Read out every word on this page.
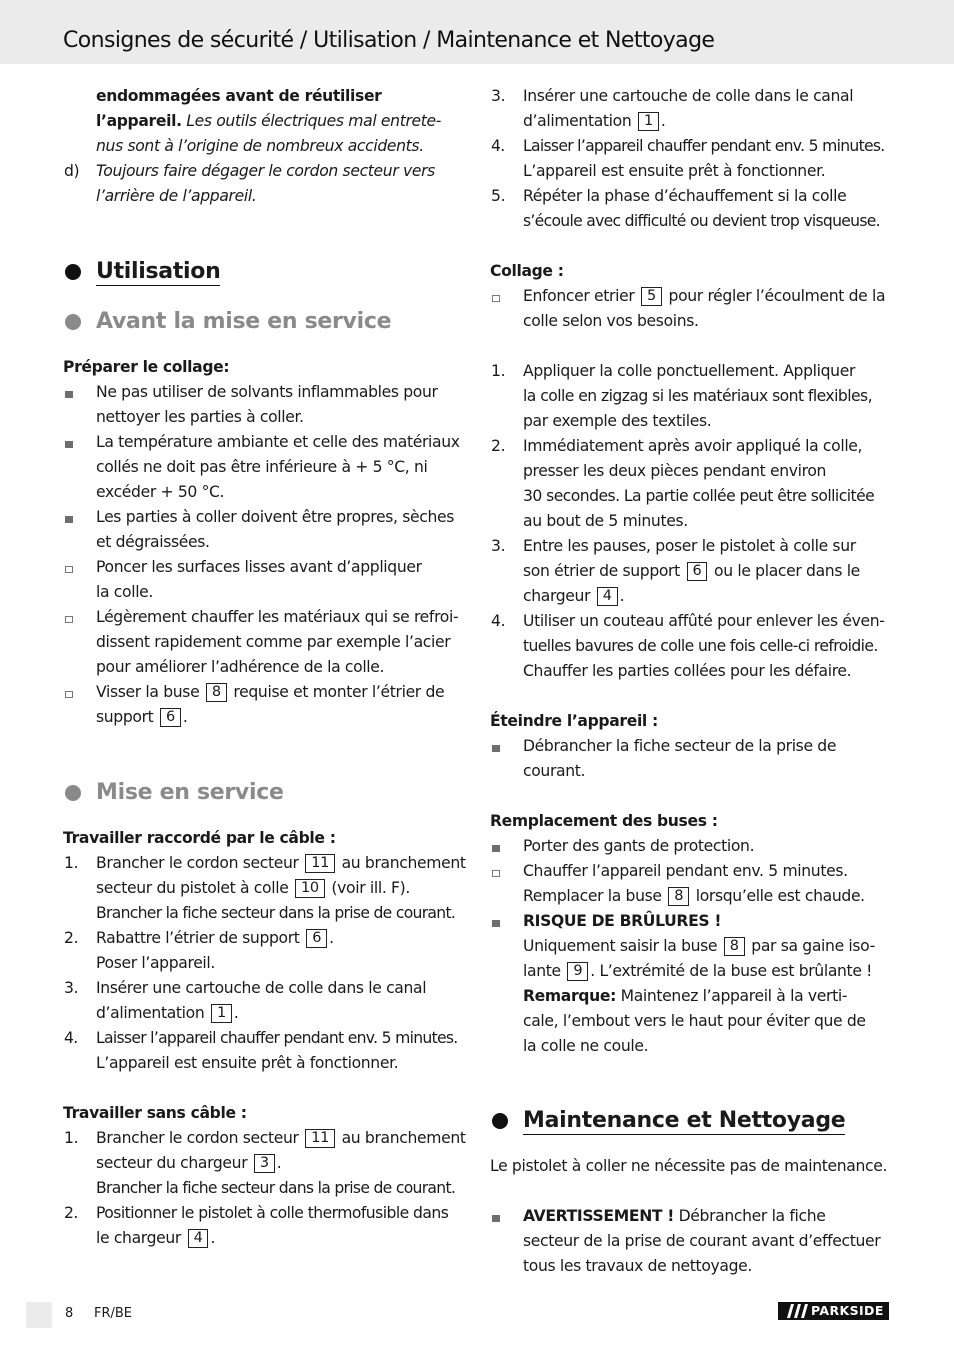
Consignes de sécurité / Utilisation / Maintenance et Nettoyage
endommagées avant de réutiliser
l’appareil. Les outils électriques mal entrete-
nus sont à l’origine de nombreux accidents.
d) Toujours faire dégager le cordon secteur vers
l’arrière de l’appareil.
Utilisation
Avant la mise en service
Préparer le collage:
Ne pas utiliser de solvants inflammables pour
nettoyer les parties à coller.
La température ambiante et celle des matériaux
collés ne doit pas être inférieure à + 5 °C, ni
excéder + 50 °C.
Les parties à coller doivent être propres, sèches
et dégraissées.
Poncer les surfaces lisses avant d’appliquer
la colle.
Légèrement chauffer les matériaux qui se refroi-
dissent rapidement comme par exemple l’acier
pour améliorer l’adhérence de la colle.
Visser la buse 8 requise et monter l’étrier de
support 6 .
Mise en service
Travailler raccordé par le câble :
1. Brancher le cordon secteur 11 au branchement
secteur du pistolet à colle 10 (voir ill. F).
Brancher la fiche secteur dans la prise de courant.
2. Rabattre l’étrier de support 6 .
Poser l’appareil.
3. Insérer une cartouche de colle dans le canal
d’alimentation 1 .
4. Laisser l’appareil chauffer pendant env. 5 minutes.
L’appareil est ensuite prêt à fonctionner.
Travailler sans câble :
1. Brancher le cordon secteur 11 au branchement
secteur du chargeur 3 .
Brancher la fiche secteur dans la prise de courant.
2. Positionner le pistolet à colle thermofusible dans
le chargeur 4 .
3. Insérer une cartouche de colle dans le canal
d’alimentation 1 .
4. Laisser l’appareil chauffer pendant env. 5 minutes.
L’appareil est ensuite prêt à fonctionner.
5. Répéter la phase d’échauffement si la colle
s’écoule avec difficulté ou devient trop visqueuse.
Collage :
Enfoncer etrier 5 pour régler l’écoulment de la
colle selon vos besoins.
1. Appliquer la colle ponctuellement. Appliquer
la colle en zigzag si les matériaux sont flexibles,
par exemple des textiles.
2. Immédiatement après avoir appliqué la colle,
presser les deux pièces pendant environ
30 secondes. La partie collée peut être sollicitée
au bout de 5 minutes.
3. Entre les pauses, poser le pistolet à colle sur
son étrier de support 6 ou le placer dans le
chargeur 4 .
4. Utiliser un couteau affûté pour enlever les éven-
tuelles bavures de colle une fois celle-ci refroidie.
Chauffer les parties collées pour les défaire.
Éteindre l’appareil :
Débrancher la fiche secteur de la prise de
courant.
Remplacement des buses :
Porter des gants de protection.
Chauffer l’appareil pendant env. 5 minutes.
Remplacer la buse 8 lorsqu’elle est chaude.
RISQUE DE BRÛLURES !
Uniquement saisir la buse 8 par sa gaine iso-
lante 9 . L’extrémité de la buse est brûlante !
Remarque: Maintenez l’appareil à la verti-
cale, l’embout vers le haut pour éviter que de
la colle ne coule.
Maintenance et Nettoyage
Le pistolet à coller ne nécessite pas de maintenance.
AVERTISSEMENT ! Débrancher la fiche
secteur de la prise de courant avant d’effectuer
tous les travaux de nettoyage.
8 FR/BE	PARKSIDE
